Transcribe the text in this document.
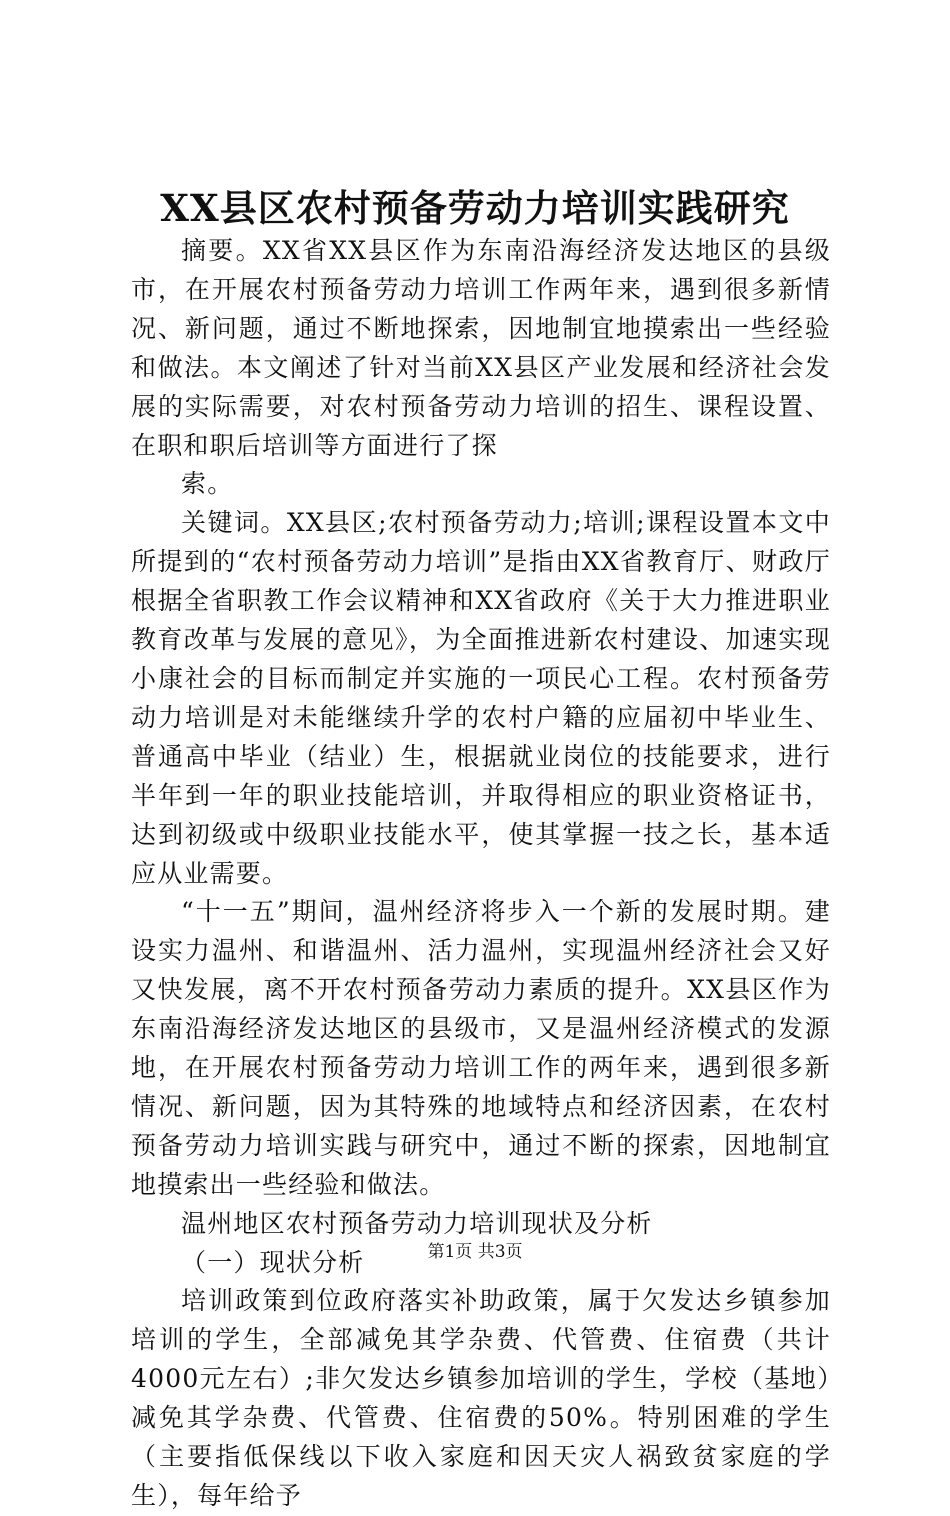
XX县区农村预备劳动力培训实践研究

摘要。XX省XX县区作为东南沿海经济发达地区的县级市，在开展农村预备劳动力培训工作两年来，遇到很多新情况、新问题，通过不断地探索，因地制宜地摸索出一些经验和做法。本文阐述了针对当前XX县区产业发展和经济社会发展的实际需要，对农村预备劳动力培训的招生、课程设置、在职和职后培训等方面进行了探

索。

关键词。XX县区;农村预备劳动力;培训;课程设置本文中所提到的“农村预备劳动力培训”是指由XX省教育厅、财政厅根据全省职教工作会议精神和XX省政府《关于大力推进职业教育改革与发展的意见》，为全面推进新农村建设、加速实现小康社会的目标而制定并实施的一项民心工程。农村预备劳动力培训是对未能继续升学的农村户籍的应届初中毕业生、普通高中毕业（结业）生，根据就业岗位的技能要求，进行半年到一年的职业技能培训，并取得相应的职业资格证书，达到初级或中级职业技能水平，使其掌握一技之长，基本适应从业需要。

“十一五”期间，温州经济将步入一个新的发展时期。建设实力温州、和谐温州、活力温州，实现温州经济社会又好又快发展，离不开农村预备劳动力素质的提升。XX县区作为东南沿海经济发达地区的县级市，又是温州经济模式的发源地，在开展农村预备劳动力培训工作的两年来，遇到很多新情况、新问题，因为其特殊的地域特点和经济因素，在农村预备劳动力培训实践与研究中，通过不断的探索，因地制宜地摸索出一些经验和做法。

温州地区农村预备劳动力培训现状及分析

（一）现状分析

培训政策到位政府落实补助政策，属于欠发达乡镇参加培训的学生，全部减免其学杂费、代管费、住宿费（共计4000元左右）;非欠发达乡镇参加培训的学生，学校（基地）减免其学杂费、代管费、住宿费的50%。特别困难的学生（主要指低保线以下收入家庭和因天灾人祸致贫家庭的学生），每年给予

第1页 共3页
